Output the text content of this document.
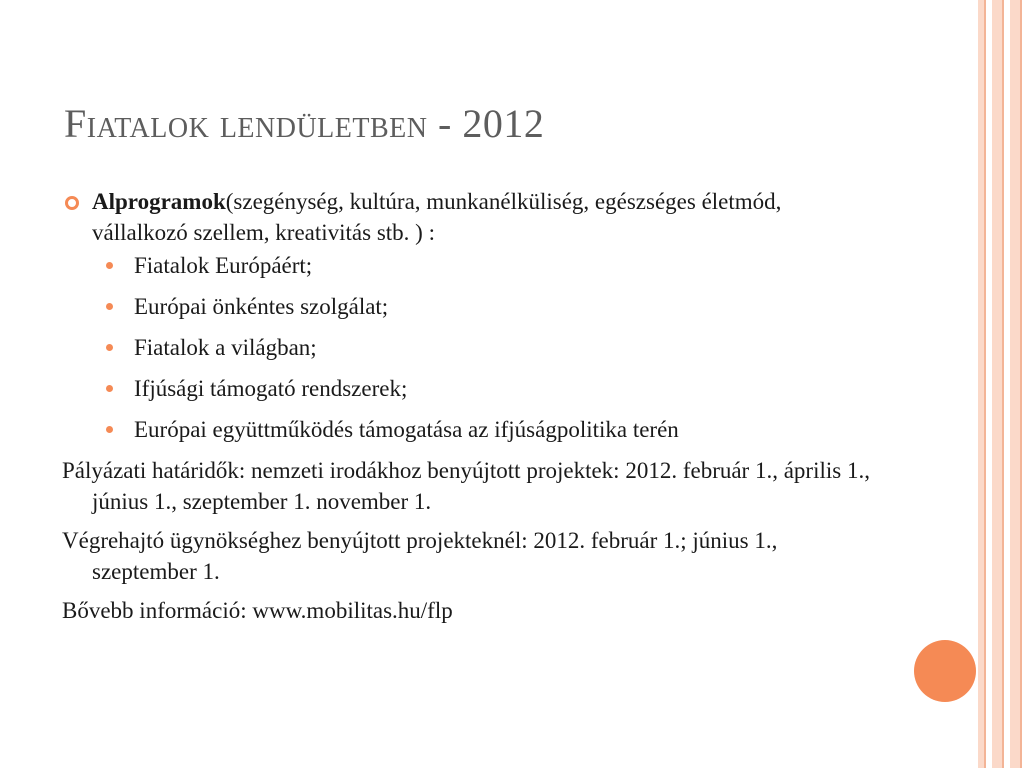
Fiatalok lendületben - 2012
Alprogramok(szegénység, kultúra, munkanélküliség, egészséges életmód, vállalkozó szellem, kreativitás stb. ) :
Fiatalok Európáért;
Európai önkéntes szolgálat;
Fiatalok a világban;
Ifjúsági támogató rendszerek;
Európai együttműködés támogatása az ifjúságpolitika terén
Pályázati határidők: nemzeti irodákhoz benyújtott projektek: 2012. február 1., április 1., június 1., szeptember 1. november 1.
Végrehajtó ügynökséghez benyújtott projekteknél: 2012. február 1.; június 1., szeptember 1.
Bővebb információ: www.mobilitas.hu/flp
